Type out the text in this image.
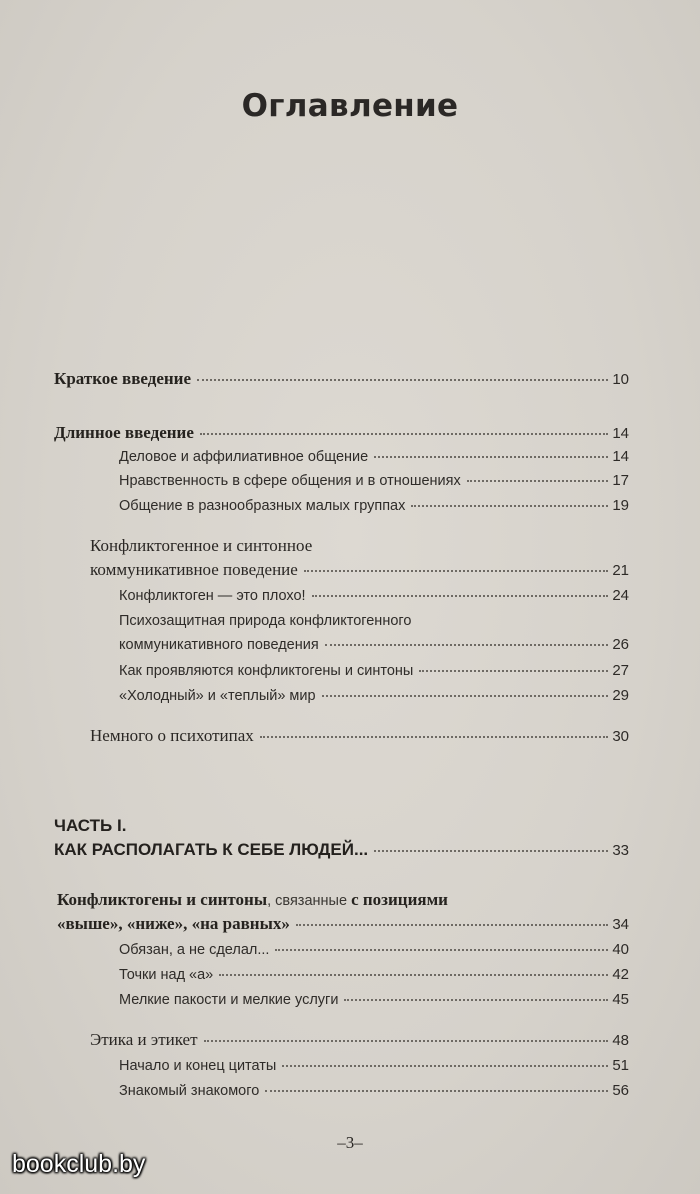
Оглавление
Краткое введение	10
Длинное введение	14
Деловое и аффилиативное общение	14
Нравственность в сфере общения и в отношениях	17
Общение в разнообразных малых группах	19
Конфликтогенное и синтонное
коммуникативное поведение	21
Конфликтоген — это плохо!	24
Психозащитная природа конфликтогенного
коммуникативного поведения	26
Как проявляются конфликтогены и синтоны	27
«Холодный» и «теплый» мир	29
Немного о психотипах	30
ЧАСТЬ I.
КАК РАСПОЛАГАТЬ К СЕБЕ ЛЮДЕЙ...	33
Конфликтогены и синтоны, связанные с позициями
«выше», «ниже», «на равных»	34
Обязан, а не сделал...	40
Точки над «а»	42
Мелкие пакости и мелкие услуги	45
Этика и этикет	48
Начало и конец цитаты	51
Знакомый знакомого	56
–3–
bookclub.by
